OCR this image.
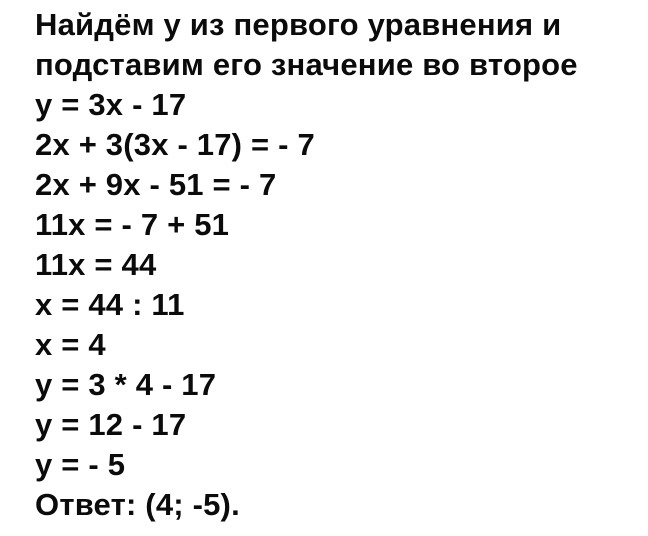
Найдём у из первого уравнения и
подставим его значение во второе
y = 3x - 17
2x + 3(3x - 17) = - 7
2x + 9x - 51 = - 7
11x = - 7 + 51
11x = 44
x = 44 : 11
x = 4
y = 3 * 4 - 17
y = 12 - 17
y = - 5
Ответ: (4; -5).
